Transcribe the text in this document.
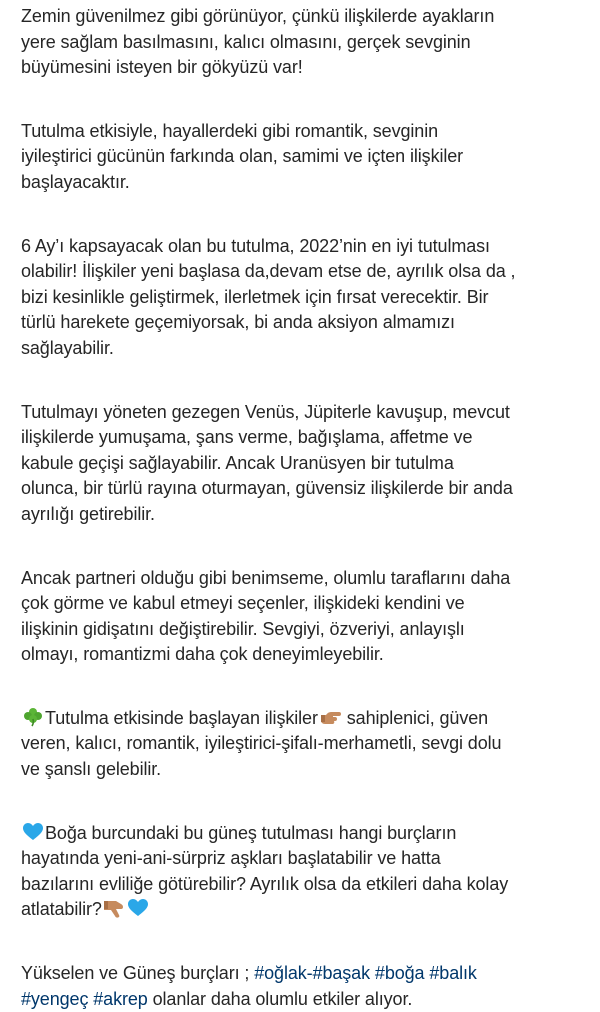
Zemin güvenilmez gibi görünüyor, çünkü ilişkilerde ayakların
yere sağlam basılmasını, kalıcı olmasını, gerçek sevginin
büyümesini isteyen bir gökyüzü var!

Tutulma etkisiyle, hayallerdeki gibi romantik, sevginin
iyileştirici gücünün farkında olan, samimi ve içten ilişkiler
başlayacaktır.

6 Ay’ı kapsayacak olan bu tutulma, 2022’nin en iyi tutulması
olabilir! İlişkiler yeni başlasa da,devam etse de, ayrılık olsa da ,
bizi kesinlikle geliştirmek, ilerletmek için fırsat verecektir. Bir
türlü harekete geçemiyorsak, bi anda aksiyon almamızı
sağlayabilir.

Tutulmayı yöneten gezegen Venüs, Jüpiterle kavuşup, mevcut
ilişkilerde yumuşama, şans verme, bağışlama, affetme ve
kabule geçişi sağlayabilir. Ancak Uranüsyen bir tutulma
olunca, bir türlü rayına oturmayan, güvensiz ilişkilerde bir anda
ayrılığı getirebilir.

Ancak partneri olduğu gibi benimseme, olumlu taraflarını daha
çok görme ve kabul etmeyi seçenler, ilişkideki kendini ve
ilişkinin gidişatını değiştirebilir. Sevgiyi, özveriyi, anlayışlı
olmayı, romantizmi daha çok deneyimleyebilir.

Tutulma etkisinde başlayan ilişkiler sahiplenici, güven
veren, kalıcı, romantik, iyileştirici-şifalı-merhametli, sevgi dolu
ve şanslı gelebilir.

Boğa burcundaki bu güneş tutulması hangi burçların
hayatında yeni-ani-sürpriz aşkları başlatabilir ve hatta
bazılarını evliliğe götürebilir? Ayrılık olsa da etkileri daha kolay
atlatabilir?

Yükselen ve Güneş burçları ; #oğlak-#başak #boğa #balık
#yengeç #akrep olanlar daha olumlu etkiler alıyor.
